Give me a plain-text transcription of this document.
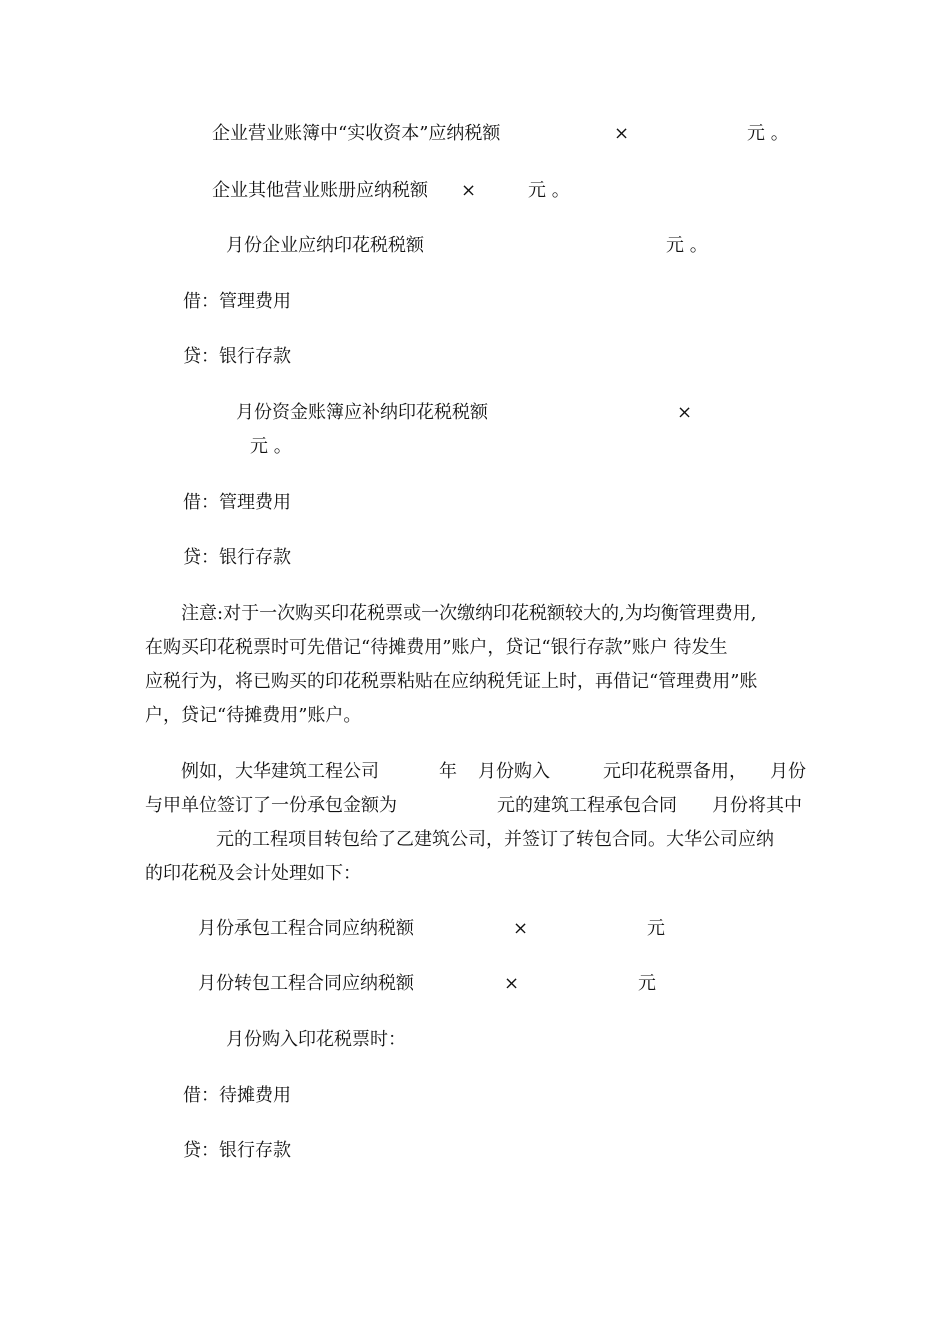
企业营业账簿中“实收资本”应纳税额	×	元 。
企业其他营业账册应纳税额 ×	元 。
月份企业应纳印花税税额	元 。
借：管理费用
贷：银行存款
月份资金账簿应补纳印花税税额	×
元 。
借：管理费用
贷：银行存款
注意:对于一次购买印花税票或一次缴纳印花税额较大的,为均衡管理费用,
在购买印花税票时可先借记“待摊费用”账户，贷记“银行存款”账户 待发生
应税行为，将已购买的印花税票粘贴在应纳税凭证上时，再借记“管理费用”账
户，贷记“待摊费用”账户。
例如，大华建筑工程公司	年 月份购入	元印花税票备用， 月份
与甲单位签订了一份承包金额为	元的建筑工程承包合同 月份将其中
元的工程项目转包给了乙建筑公司，并签订了转包合同。大华公司应纳
的印花税及会计处理如下：
月份承包工程合同应纳税额	×	元
月份转包工程合同应纳税额	×	元
月份购入印花税票时：
借：待摊费用
贷：银行存款
